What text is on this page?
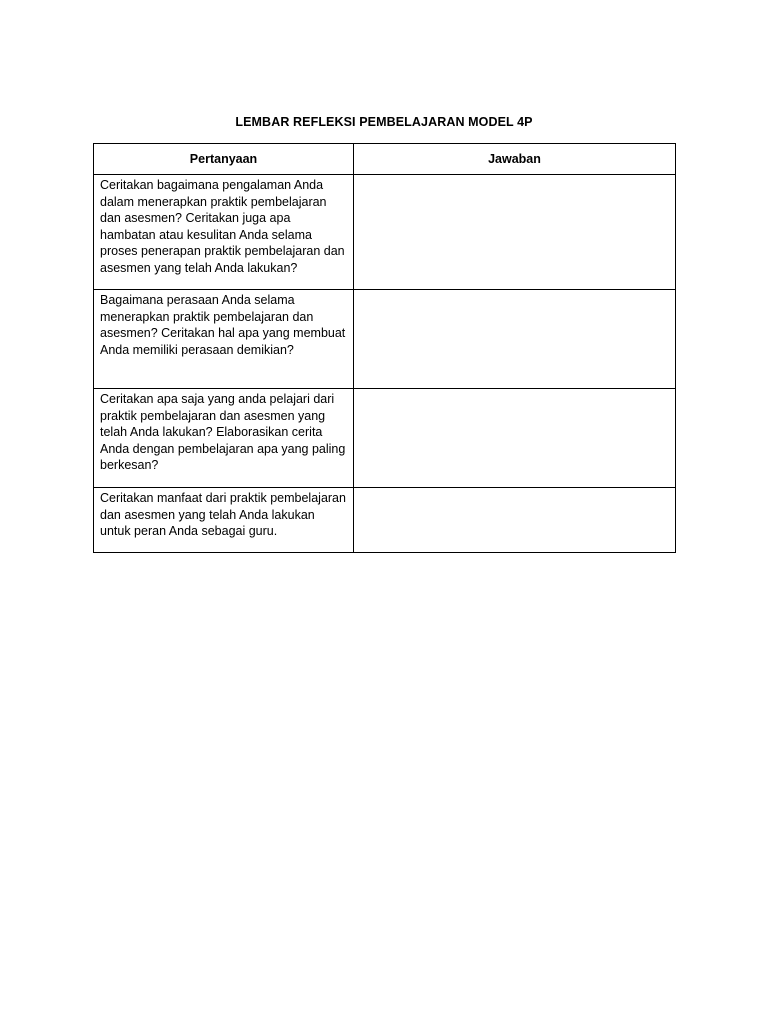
LEMBAR REFLEKSI PEMBELAJARAN MODEL 4P
Pertanyaan	Jawaban

Ceritakan bagaimana pengalaman Anda dalam menerapkan praktik pembelajaran dan asesmen? Ceritakan juga apa hambatan atau kesulitan Anda selama proses penerapan praktik pembelajaran dan asesmen yang telah Anda lakukan?	

Bagaimana perasaan Anda selama menerapkan praktik pembelajaran dan asesmen? Ceritakan hal apa yang membuat Anda memiliki perasaan demikian?	

Ceritakan apa saja yang anda pelajari dari praktik pembelajaran dan asesmen yang telah Anda lakukan? Elaborasikan cerita Anda dengan pembelajaran apa yang paling berkesan?	

Ceritakan manfaat dari praktik pembelajaran dan asesmen yang telah Anda lakukan untuk peran Anda sebagai guru.	
